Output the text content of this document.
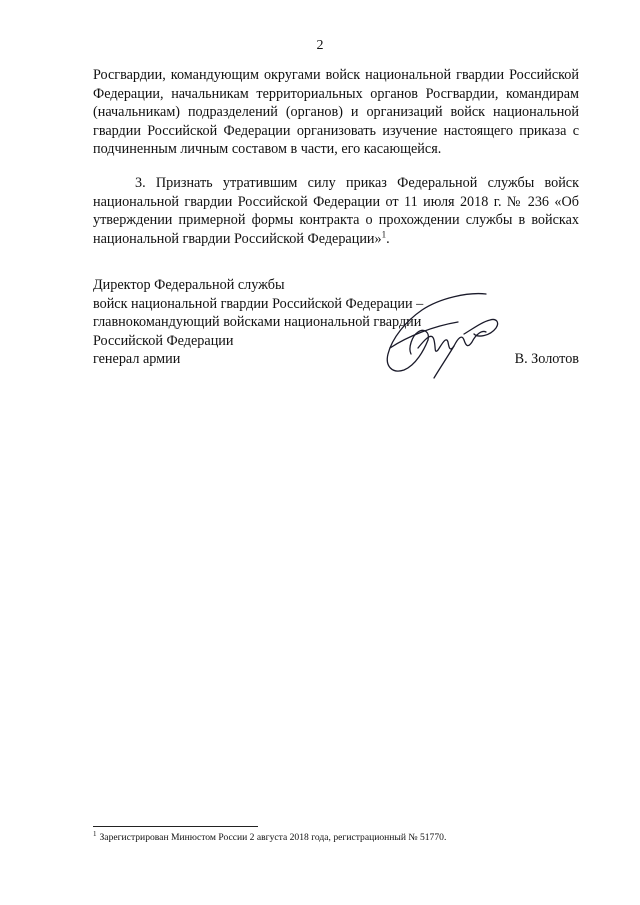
2
Росгвардии, командующим округами войск национальной гвардии Российской Федерации, начальникам территориальных органов Росгвардии, командирам (начальникам) подразделений (органов) и организаций войск национальной гвардии Российской Федерации организовать изучение настоящего приказа с подчиненным личным составом в части, его касающейся.
3. Признать утратившим силу приказ Федеральной службы войск национальной гвардии Российской Федерации от 11 июля 2018 г. № 236 «Об утверждении примерной формы контракта о прохождении службы в войсках национальной гвардии Российской Федерации»$^1$.
Директор Федеральной службы
войск национальной гвардии Российской Федерации –
главнокомандующий войсками национальной гвардии
Российской Федерации
генерал армии	В. Золотов
$^1$ Зарегистрирован Минюстом России 2 августа 2018 года, регистрационный № 51770.
